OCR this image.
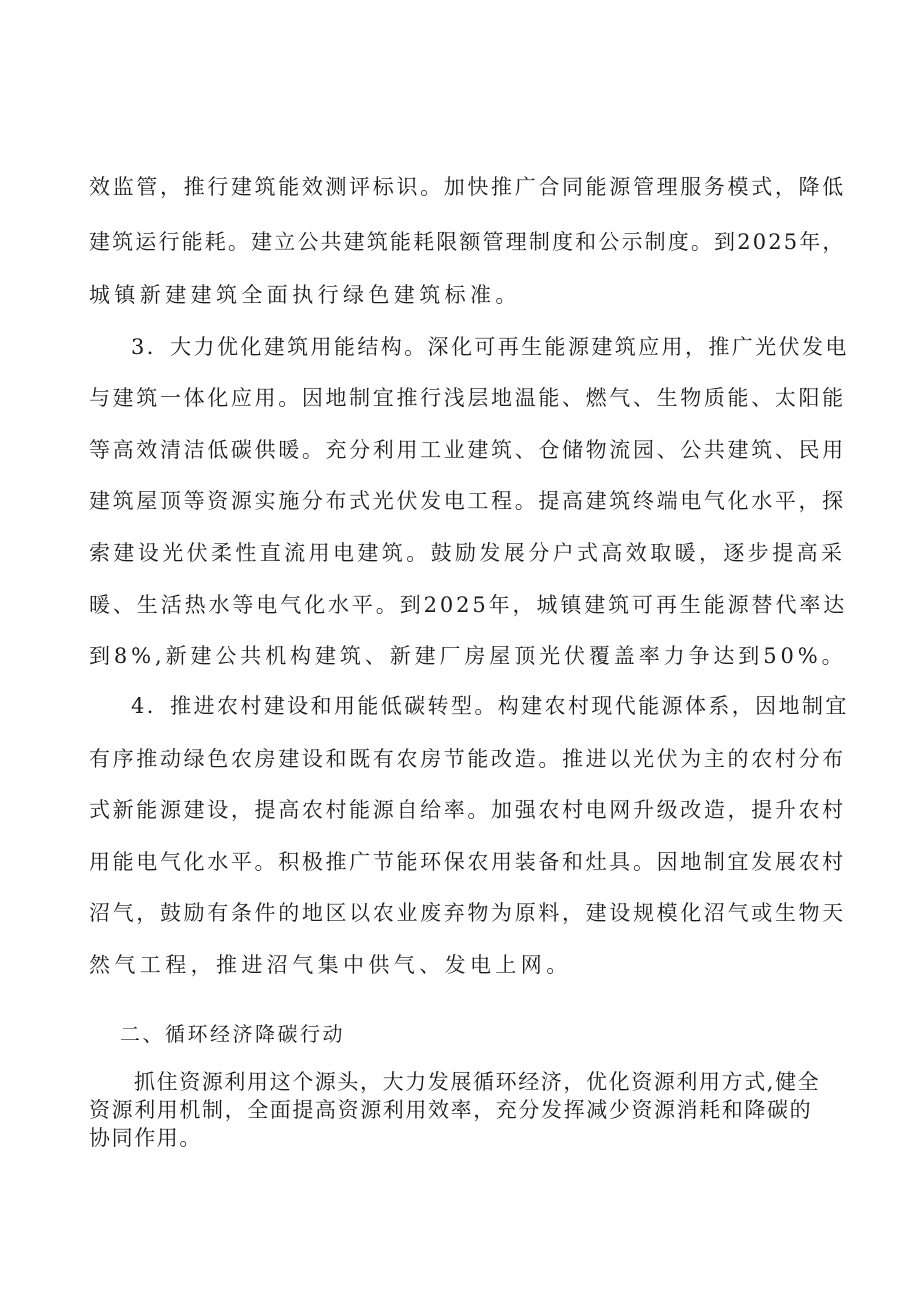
效监管，推行建筑能效测评标识。加快推广合同能源管理服务模式，降低
建筑运行能耗。建立公共建筑能耗限额管理制度和公示制度。到2025年，
城镇新建建筑全面执行绿色建筑标准。
3．大力优化建筑用能结构。深化可再生能源建筑应用，推广光伏发电
与建筑一体化应用。因地制宜推行浅层地温能、燃气、生物质能、太阳能
等高效清洁低碳供暖。充分利用工业建筑、仓储物流园、公共建筑、民用
建筑屋顶等资源实施分布式光伏发电工程。提高建筑终端电气化水平，探
索建设光伏柔性直流用电建筑。鼓励发展分户式高效取暖，逐步提高采
暖、生活热水等电气化水平。到2025年，城镇建筑可再生能源替代率达
到8%,新建公共机构建筑、新建厂房屋顶光伏覆盖率力争达到50%。
4．推进农村建设和用能低碳转型。构建农村现代能源体系，因地制宜
有序推动绿色农房建设和既有农房节能改造。推进以光伏为主的农村分布
式新能源建设，提高农村能源自给率。加强农村电网升级改造，提升农村
用能电气化水平。积极推广节能环保农用装备和灶具。因地制宜发展农村
沼气，鼓励有条件的地区以农业废弃物为原料，建设规模化沼气或生物天
然气工程，推进沼气集中供气、发电上网。
二、循环经济降碳行动
抓住资源利用这个源头，大力发展循环经济，优化资源利用方式,健全
资源利用机制，全面提高资源利用效率，充分发挥减少资源消耗和降碳的
协同作用。
